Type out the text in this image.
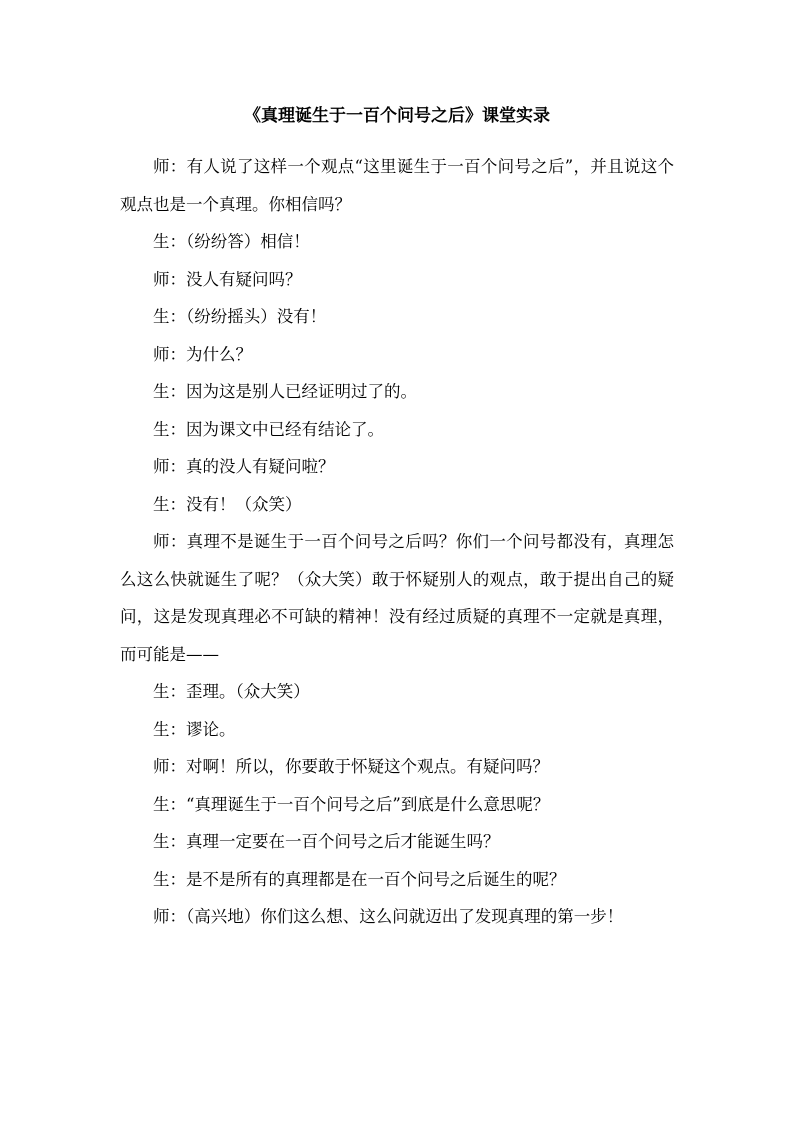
《真理诞生于一百个问号之后》课堂实录

师：有人说了这样一个观点“这里诞生于一百个问号之后”，并且说这个观点也是一个真理。你相信吗？

生：（纷纷答）相信！

师：没人有疑问吗？

生：（纷纷摇头）没有！

师：为什么？

生：因为这是别人已经证明过了的。

生：因为课文中已经有结论了。

师：真的没人有疑问啦？

生：没有！（众笑）

师：真理不是诞生于一百个问号之后吗？你们一个问号都没有，真理怎么这么快就诞生了呢？（众大笑）敢于怀疑别人的观点，敢于提出自己的疑问，这是发现真理必不可缺的精神！没有经过质疑的真理不一定就是真理，而可能是——

生：歪理。（众大笑）

生：谬论。

师：对啊！所以，你要敢于怀疑这个观点。有疑问吗？

生：“真理诞生于一百个问号之后”到底是什么意思呢？

生：真理一定要在一百个问号之后才能诞生吗？

生：是不是所有的真理都是在一百个问号之后诞生的呢？

师：（高兴地）你们这么想、这么问就迈出了发现真理的第一步！
